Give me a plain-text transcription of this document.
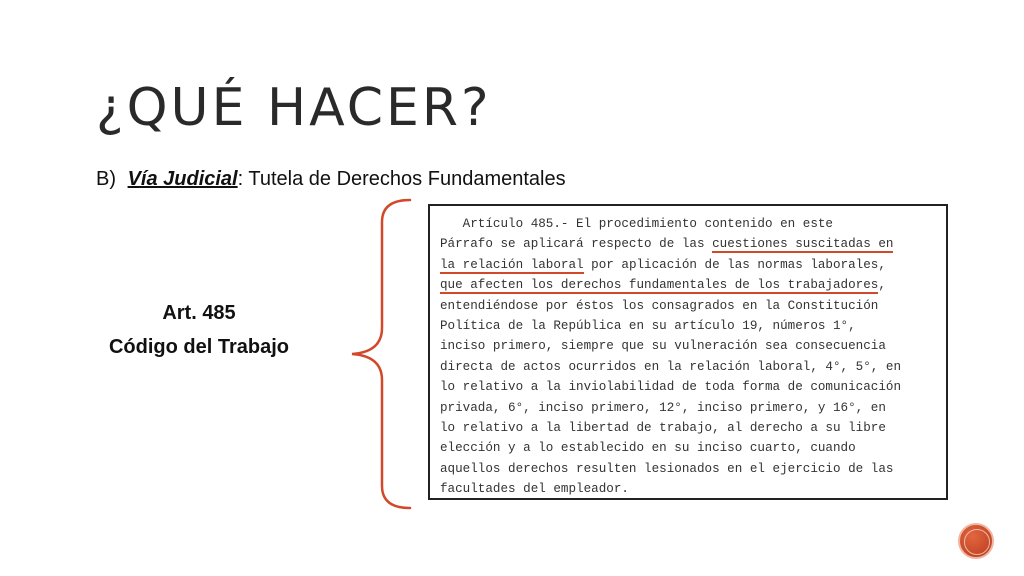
¿QUÉ HACER?
B) Vía Judicial: Tutela de Derechos Fundamentales
Art. 485
Código del Trabajo
Artículo 485.- El procedimiento contenido en este
Párrafo se aplicará respecto de las cuestiones suscitadas en
la relación laboral por aplicación de las normas laborales,
que afecten los derechos fundamentales de los trabajadores,
entendiéndose por éstos los consagrados en la Constitución
Política de la República en su artículo 19, números 1°,
inciso primero, siempre que su vulneración sea consecuencia
directa de actos ocurridos en la relación laboral, 4°, 5°, en
lo relativo a la inviolabilidad de toda forma de comunicación
privada, 6°, inciso primero, 12°, inciso primero, y 16°, en
lo relativo a la libertad de trabajo, al derecho a su libre
elección y a lo establecido en su inciso cuarto, cuando
aquellos derechos resulten lesionados en el ejercicio de las
facultades del empleador.
